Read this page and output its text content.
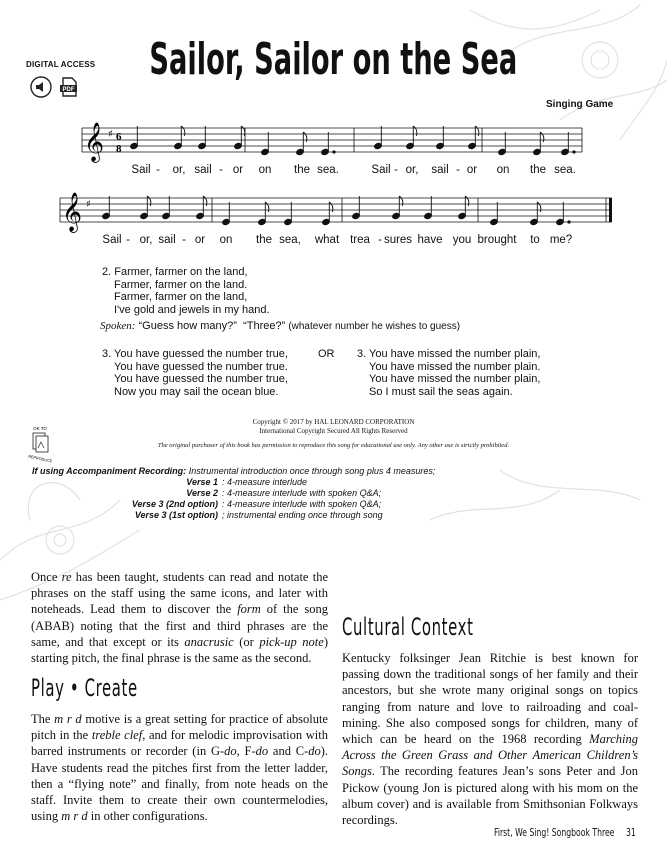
DIGITAL ACCESS
PDF
Sailor, Sailor on the Sea
Singing Game
𝄞 ♯ 6
8
Sail - or, sail - or on the sea.	Sail - or, sail - or on the sea.
𝄞 ♯
Sail - or, sail - or on the sea, what trea - sures have you brought to me?
2. Farmer, farmer on the land,
Farmer, farmer on the land.
Farmer, farmer on the land,
I've gold and jewels in my hand.
Spoken: “Guess how many?” “Three?” (whatever number he wishes to guess)
3. You have guessed the number true,
You have guessed the number true.
You have guessed the number true,
Now you may sail the ocean blue.
OR 3. You have missed the number plain,
You have missed the number plain.
You have missed the number plain,
So I must sail the seas again.
OK TO
REPRODUCE
Copyright © 2017 by HAL LEONARD CORPORATION
International Copyright Secured All Rights Reserved
The original purchaser of this book has permission to reproduce this song for educational use only. Any other use is strictly prohibited.
If using Accompaniment Recording:
Instrumental introduction once through song plus 4 measures;
Verse 1 : 4-measure interlude
Verse 2 : 4-measure interlude with spoken Q&A;
Verse 3 (2nd option) : 4-measure interlude with spoken Q&A;
Verse 3 (1st option) ; instrumental ending once through song
Once re has been taught, students can read and notate the phrases on the staff using the same icons, and later with noteheads. Lead them to discover the form of the song (ABAB) noting that the first and third phrases are the same, and that except or its anacrusic (or pick-up note) starting pitch, the final phrase is the same as the second.
Play • Create
The m r d motive is a great setting for practice of absolute pitch in the treble clef, and for melodic improvisation with barred instruments or recorder (in G-do, F-do and C-do). Have students read the pitches first from the letter ladder, then a “flying note” and finally, from note heads on the staff. Invite them to create their own countermelodies, using m r d in other configurations.
Cultural Context
Kentucky folksinger Jean Ritchie is best known for passing down the traditional songs of her family and their ancestors, but she wrote many original songs on topics ranging from nature and love to railroading and coal-mining. She also composed songs for children, many of which can be heard on the 1968 recording Marching Across the Green Grass and Other American Children’s Songs. The recording features Jean’s sons Peter and Jon Pickow (young Jon is pictured along with his mom on the album cover) and is available from Smithsonian Folkways recordings.
First, We Sing! Songbook Three 31
